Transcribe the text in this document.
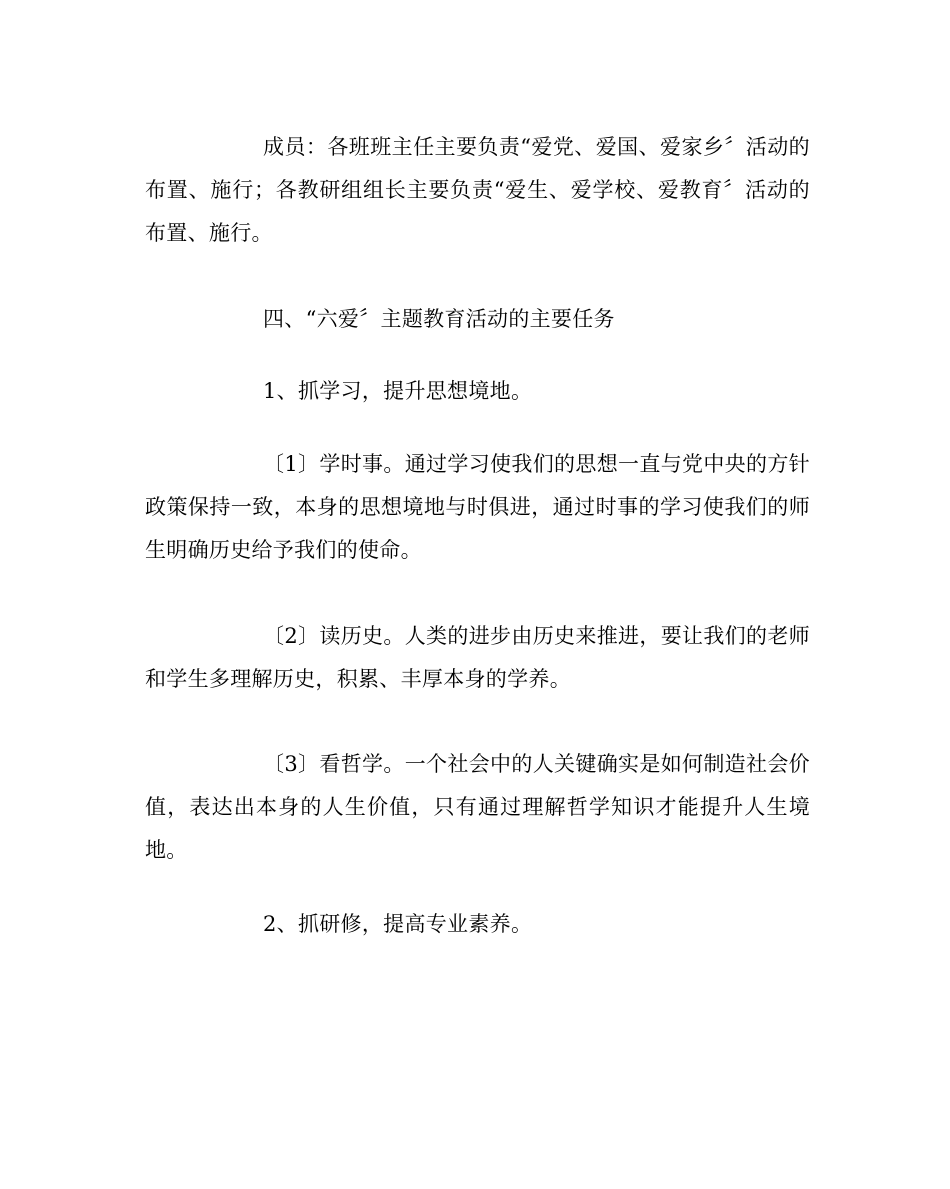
成员：各班班主任主要负责“爱党、爱国、爱家乡〞活动的布置、施行；各教研组组长主要负责“爱生、爱学校、爱教育〞活动的布置、施行。

四、“六爱〞主题教育活动的主要任务

1、抓学习，提升思想境地。

〔1〕学时事。通过学习使我们的思想一直与党中央的方针政策保持一致，本身的思想境地与时俱进，通过时事的学习使我们的师生明确历史给予我们的使命。

〔2〕读历史。人类的进步由历史来推进，要让我们的老师和学生多理解历史，积累、丰厚本身的学养。

〔3〕看哲学。一个社会中的人关键确实是如何制造社会价值，表达出本身的人生价值，只有通过理解哲学知识才能提升人生境地。

2、抓研修，提高专业素养。
